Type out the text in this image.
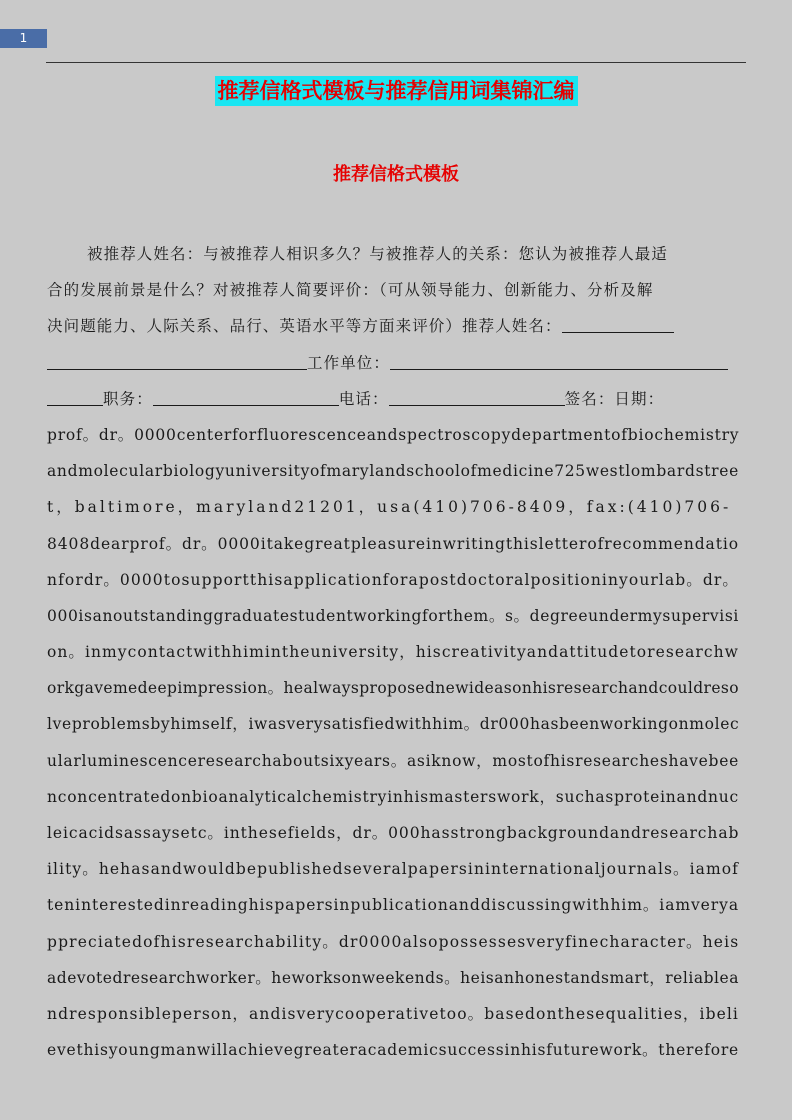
1
推荐信格式模板与推荐信用词集锦汇编
推荐信格式模板
被推荐人姓名：与被推荐人相识多久？与被推荐人的关系：您认为被推荐人最适
合的发展前景是什么？对被推荐人简要评价：（可从领导能力、创新能力、分析及解
决问题能力、人际关系、品行、英语水平等方面来评价）推荐人姓名：
工作单位：
职务：	电话：	签名：日期：
prof。dr。0000centerforfluorescenceandspectroscopydepartmentofbiochemistry
andmolecularbiologyuniversityofmarylandschoolofmedicine725westlombardstree
t，baltimore，maryland21201，usa(410)706-8409，fax:(410)706-
8408dearprof。dr。0000itakegreatpleasureinwritingthisletterofrecommendatio
nfordr。0000tosupportthisapplicationforapostdoctoralpositioninyourlab。dr。
000isanoutstandinggraduatestudentworkingforthem。s。degreeundermysupervisi
on。inmycontactwithhimintheuniversity，hiscreativityandattitudetoresearchw
orkgavemedeepimpression。healwaysproposednewideasonhisresearchandcouldreso
lveproblemsbyhimself，iwasverysatisfiedwithhim。dr000hasbeenworkingonmolec
ularluminescenceresearchaboutsixyears。asiknow，mostofhisresearcheshavebee
nconcentratedonbioanalyticalchemistryinhismasterswork，suchasproteinandnuc
leicacidsassaysetc。inthesefields，dr。000hasstrongbackgroundandresearchab
ility。hehasandwouldbepublishedseveralpapersininternationaljournals。iamof
teninterestedinreadinghispapersinpublicationanddiscussingwithhim。iamverya
ppreciatedofhisresearchability。dr0000alsopossessesveryfinecharacter。heis
adevotedresearchworker。heworksonweekends。heisanhonestandsmart，reliablea
ndresponsibleperson，andisverycooperativetoo。basedonthesequalities，ibeli
evethisyoungmanwillachievegreateracademicsuccessinhisfuturework。therefore
